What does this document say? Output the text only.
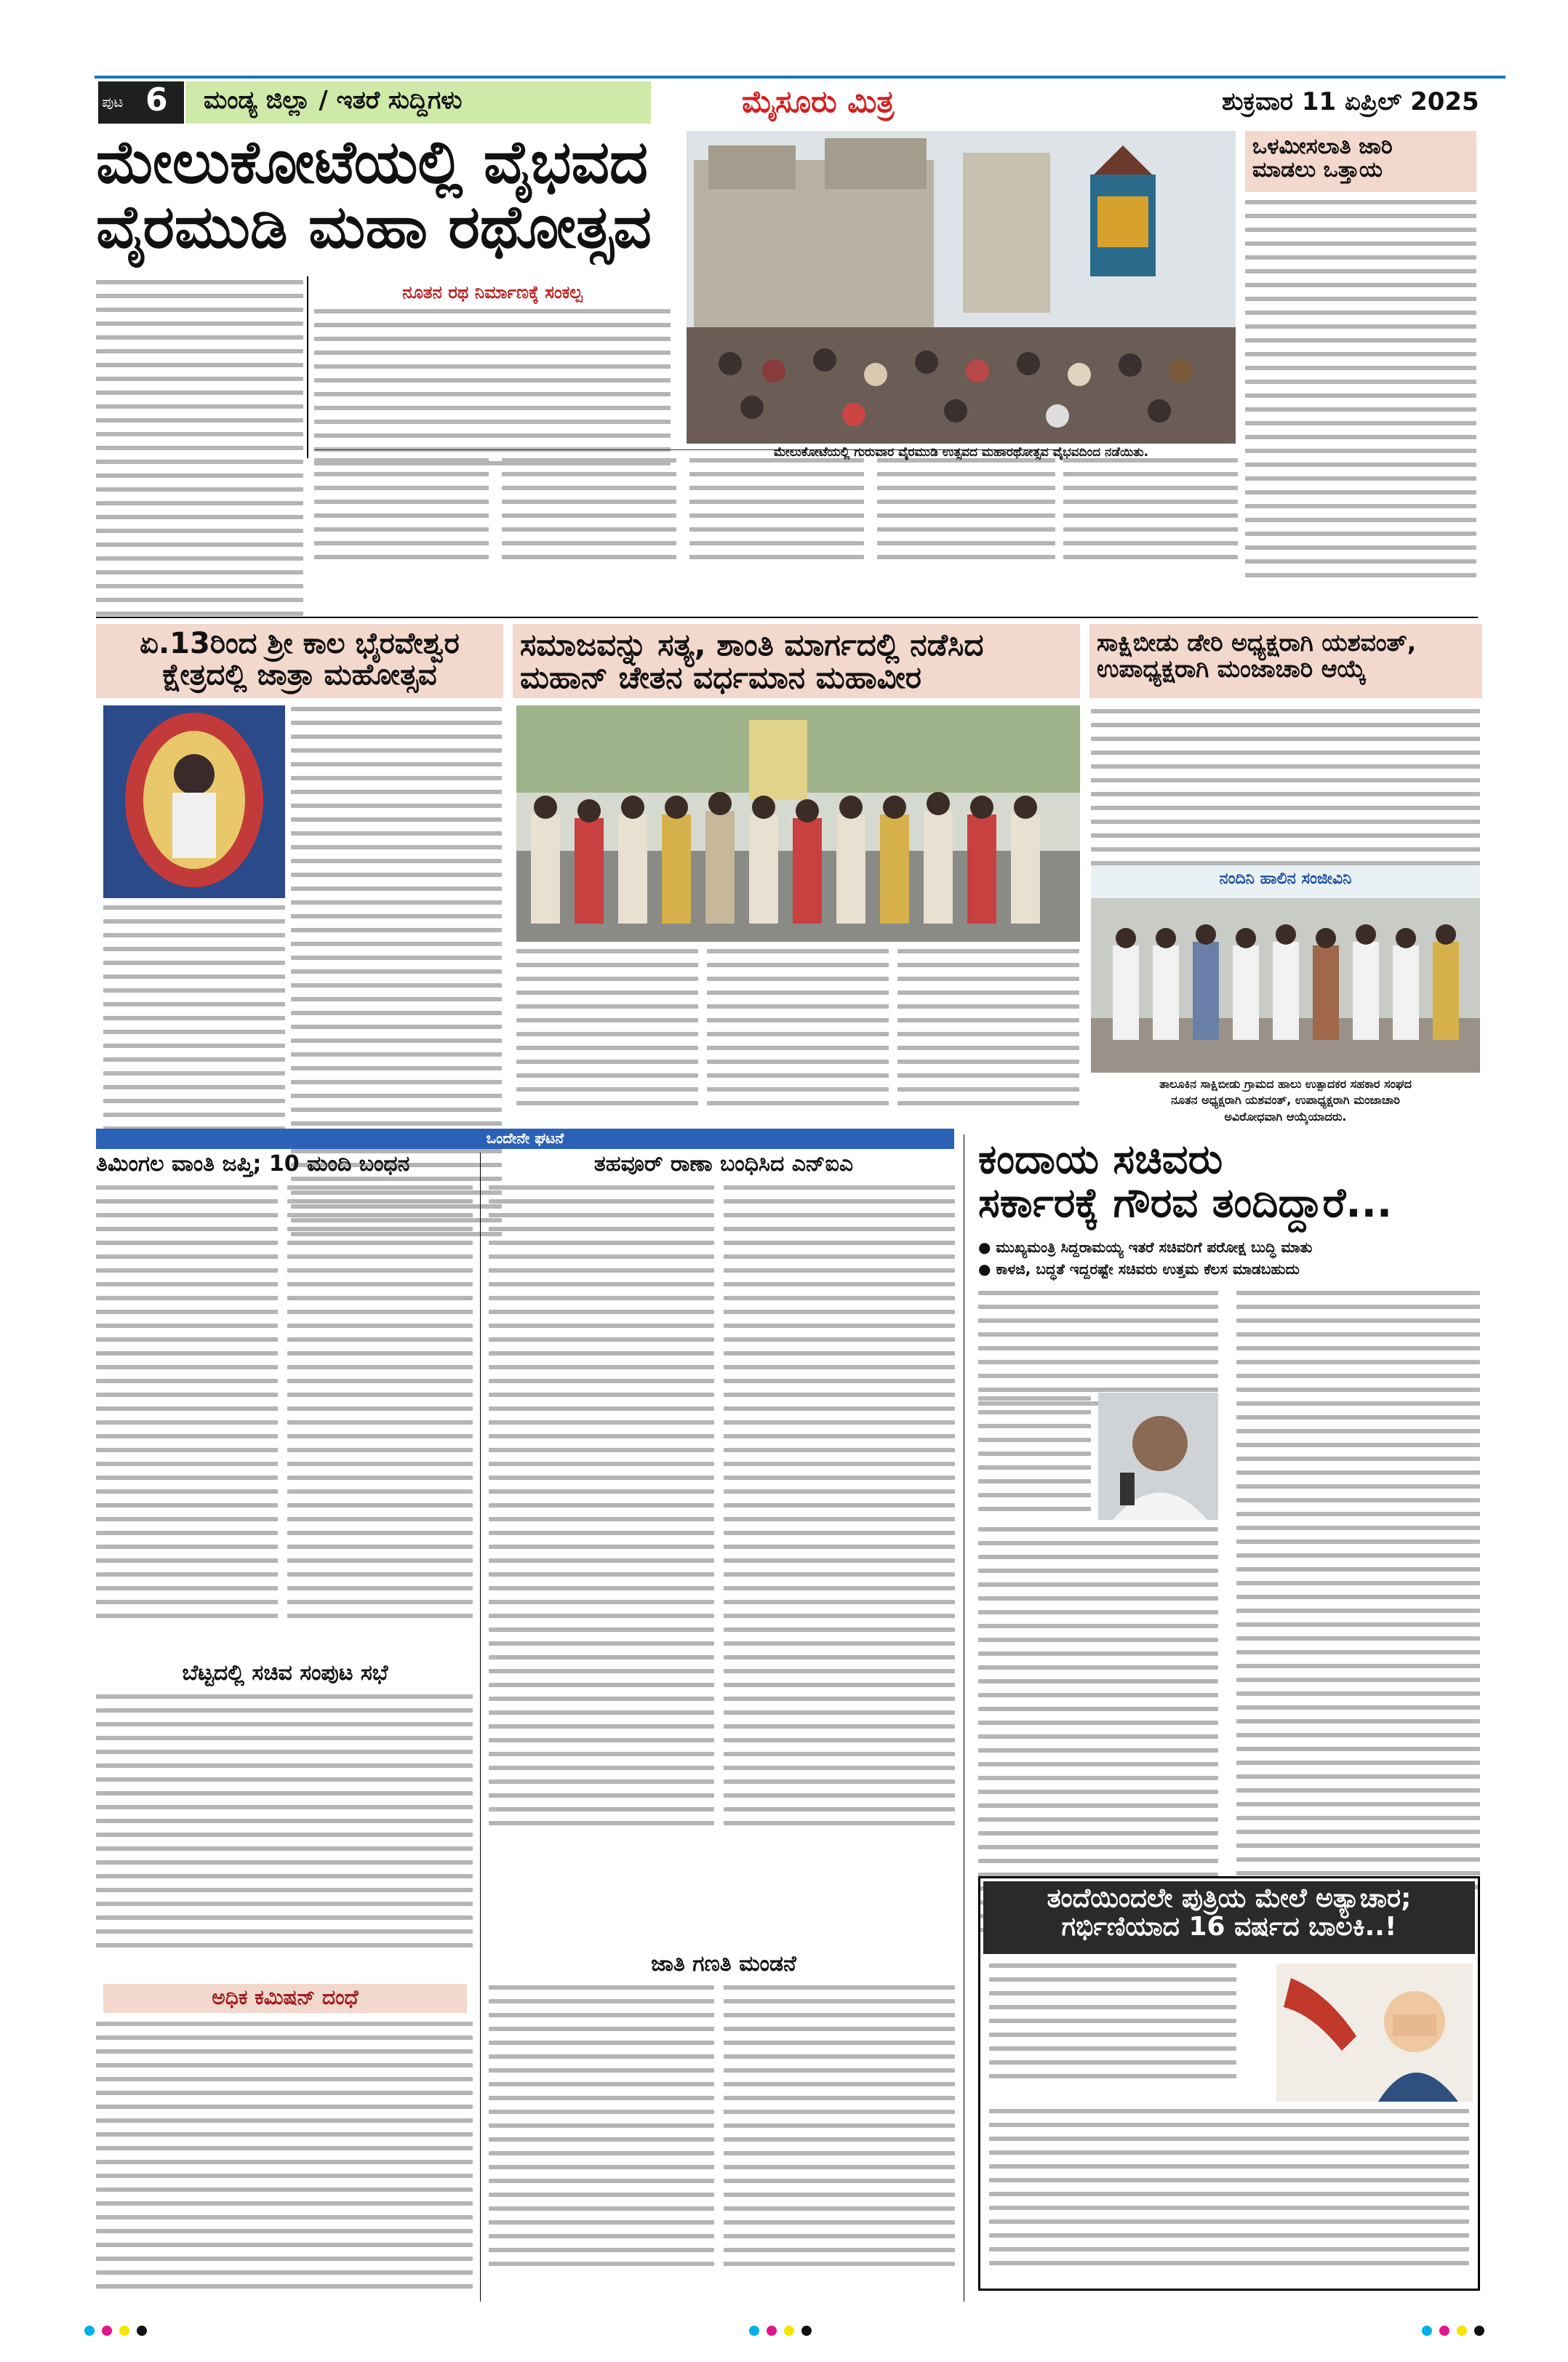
ಪುಟ 6 ಮಂಡ್ಯ ಜಿಲ್ಲಾ / ಇತರೆ ಸುದ್ದಿಗಳು	ಮೈಸೂರು ಮಿತ್ರ	ಶುಕ್ರವಾರ 11 ಏಪ್ರಿಲ್ 2025
ಮೇಲುಕೋಟೆಯಲ್ಲಿ ವೈಭವದ
ವೈರಮುಡಿ ಮಹಾ ರಥೋತ್ಸವ
ನೂತನ ರಥ ನಿರ್ಮಾಣಕ್ಕೆ ಸಂಕಲ್ಪ
ಮೇಲುಕೋಟೆಯಲ್ಲಿ ಗುರುವಾರ ವೈರಮುಡಿ ಉತ್ಸವದ ಮಹಾರಥೋತ್ಸವ ವೈಭವದಿಂದ ನಡೆಯಿತು.
ಒಳಮೀಸಲಾತಿ ಜಾರಿ
ಮಾಡಲು ಒತ್ತಾಯ
ಏ.13ರಿಂದ ಶ್ರೀ ಕಾಲ ಭೈರವೇಶ್ವರ
ಕ್ಷೇತ್ರದಲ್ಲಿ ಜಾತ್ರಾ ಮಹೋತ್ಸವ
ಸಮಾಜವನ್ನು ಸತ್ಯ, ಶಾಂತಿ ಮಾರ್ಗದಲ್ಲಿ ನಡೆಸಿದ
ಮಹಾನ್ ಚೇತನ ವರ್ಧಮಾನ ಮಹಾವೀರ
ಸಾಕ್ಷಿಬೀಡು ಡೇರಿ ಅಧ್ಯಕ್ಷರಾಗಿ ಯಶವಂತ್,
ಉಪಾಧ್ಯಕ್ಷರಾಗಿ ಮಂಜಾಚಾರಿ ಆಯ್ಕೆ
ನಂದಿನಿ ಹಾಲಿನ ಸಂಜೀವಿನಿ
ತಾಲೂಕಿನ ಸಾಕ್ಷಿಬೀಡು ಗ್ರಾಮದ ಹಾಲು ಉತ್ಪಾದಕರ ಸಹಕಾರ ಸಂಘದ
ನೂತನ ಅಧ್ಯಕ್ಷರಾಗಿ ಯಶವಂತ್, ಉಪಾಧ್ಯಕ್ಷರಾಗಿ ಮಂಜಾಚಾರಿ
ಅವಿರೋಧವಾಗಿ ಆಯ್ಕೆಯಾದರು.
ಒಂದೇನೇ ಘಟನೆ
ತಿಮಿಂಗಲ ವಾಂತಿ ಜಪ್ತಿ; 10 ಮಂದಿ ಬಂಧನ
ಬೆಟ್ಟದಲ್ಲಿ ಸಚಿವ ಸಂಪುಟ ಸಭೆ
ಅಧಿಕ ಕಮಿಷನ್ ದಂಧೆ
ತಹವೂರ್ ರಾಣಾ ಬಂಧಿಸಿದ ಎನ್‌ಐಎ
ಜಾತಿ ಗಣತಿ ಮಂಡನೆ
ಕಂದಾಯ ಸಚಿವರು
ಸರ್ಕಾರಕ್ಕೆ ಗೌರವ ತಂದಿದ್ದಾರೆ...
● ಮುಖ್ಯಮಂತ್ರಿ ಸಿದ್ದರಾಮಯ್ಯ ಇತರೆ ಸಚಿವರಿಗೆ ಪರೋಕ್ಷ ಬುದ್ಧಿ ಮಾತು
● ಕಾಳಜಿ, ಬದ್ಧತೆ ಇದ್ದರಷ್ಟೇ ಸಚಿವರು ಉತ್ತಮ ಕೆಲಸ ಮಾಡಬಹುದು
ತಂದೆಯಿಂದಲೇ ಪುತ್ರಿಯ ಮೇಲೆ ಅತ್ಯಾಚಾರ;
ಗರ್ಭಿಣಿಯಾದ 16 ವರ್ಷದ ಬಾಲಕಿ..!
